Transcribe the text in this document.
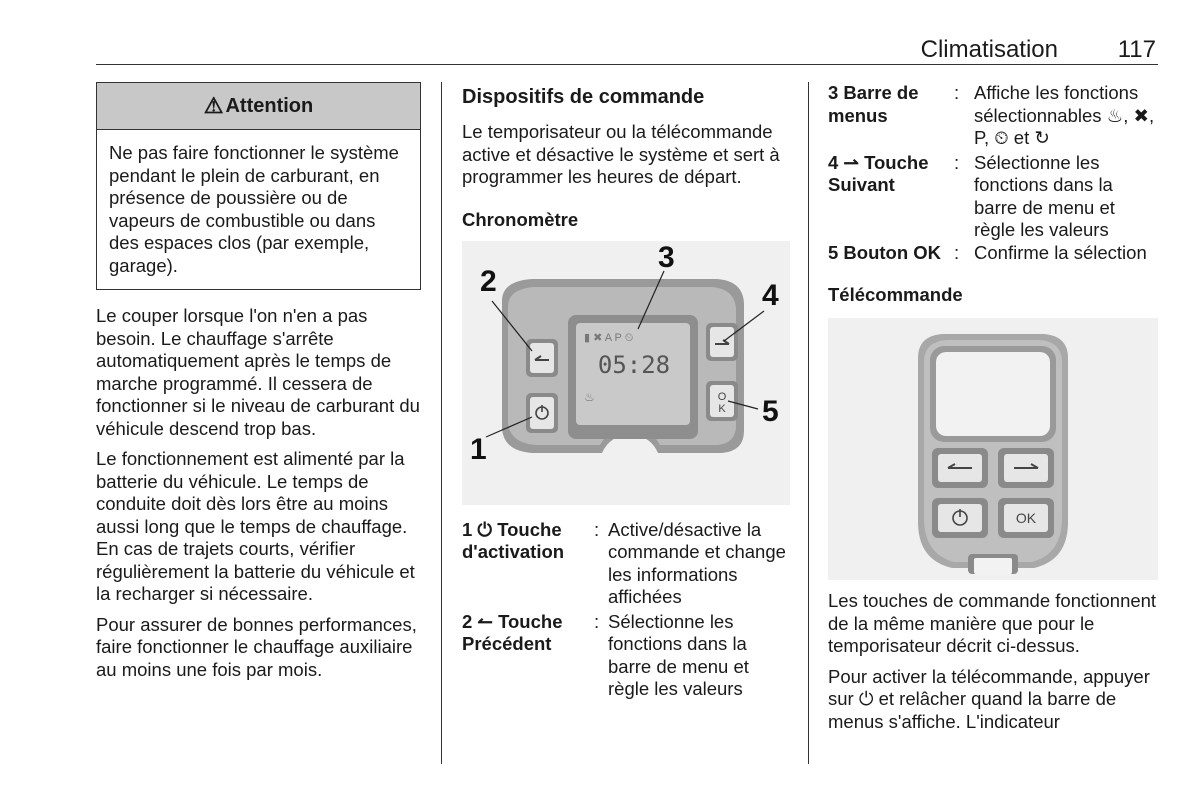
Climatisation 117
⚠ Attention
Ne pas faire fonctionner le système pendant le plein de carburant, en présence de poussière ou de vapeurs de combustible ou dans des espaces clos (par exemple, garage).

Le couper lorsque l'on n'en a pas besoin. Le chauffage s'arrête automatiquement après le temps de marche programmé. Il cessera de fonctionner si le niveau de carburant du véhicule descend trop bas.

Le fonctionnement est alimenté par la batterie du véhicule. Le temps de conduite doit dès lors être au moins aussi long que le temps de chauffage. En cas de trajets courts, vérifier régulièrement la batterie du véhicule et la recharger si nécessaire.

Pour assurer de bonnes performances, faire fonctionner le chauffage auxiliaire au moins une fois par mois.

Dispositifs de commande

Le temporisateur ou la télécommande active et désactive le système et sert à programmer les heures de départ.

Chronomètre
O
K
▮ ✖ A P ⏲
05:28
♨
2
3
4
5
1
1 ⏻ Touche d'activation
: Active/désactive la commande et change les informations affichées
2 ↼ Touche Précédent
: Sélectionne les fonctions dans la barre de menu et règle les valeurs
3 Barre de menus
: Affiche les fonctions sélectionnables ♨, ✖, P, ⏲ et ↻
4 ⇀ Touche Suivant
: Sélectionne les fonctions dans la barre de menu et règle les valeurs
5 Bouton OK : Confirme la sélection
Télécommande
OK

Les touches de commande fonctionnent de la même manière que pour le temporisateur décrit ci-dessus.

Pour activer la télécommande, appuyer sur ⏻ et relâcher quand la barre de menus s'affiche. L'indicateur
